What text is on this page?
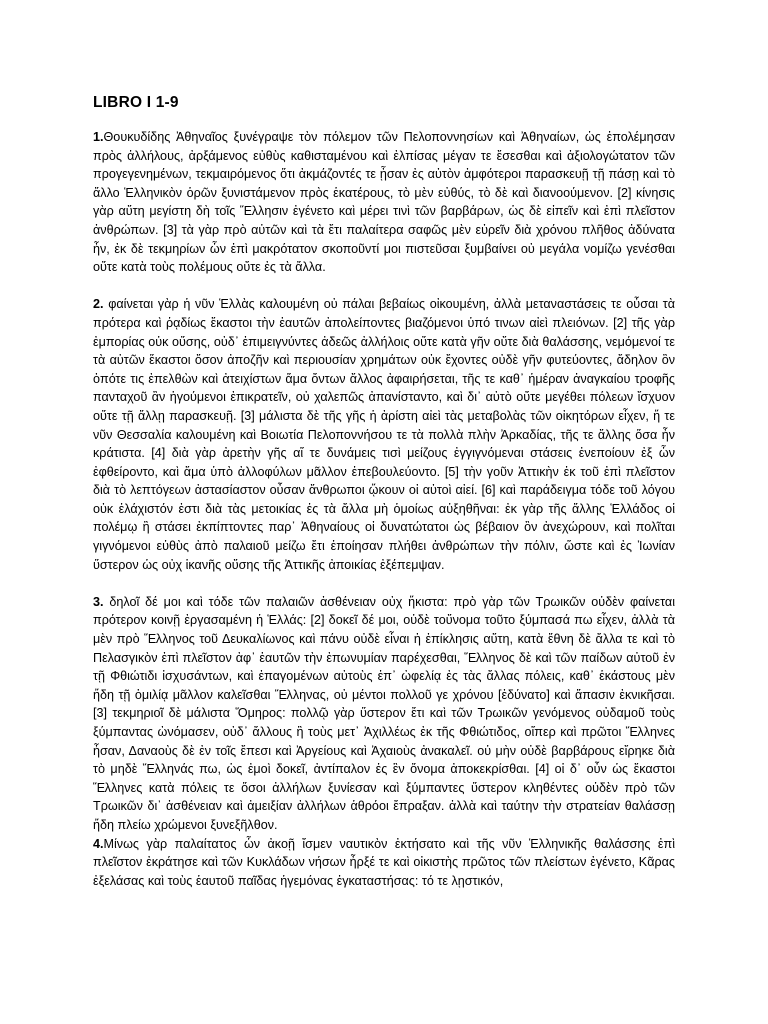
LIBRO I 1-9

1.Θουκυδίδης Ἀθηναῖος ξυνέγραψε τὸν πόλεμον τῶν Πελοποννησίων καὶ Ἀθηναίων, ὡς ἐπολέμησαν πρὸς ἀλλήλους, ἀρξάμενος εὐθὺς καθισταμένου καὶ ἐλπίσας μέγαν τε ἔσεσθαι καὶ ἀξιολογώτατον τῶν προγεγενημένων, τεκμαιρόμενος ὅτι ἀκμάζοντές τε ᾖσαν ἐς αὐτὸν ἀμφότεροι παρασκευῇ τῇ πάσῃ καὶ τὸ ἄλλο Ἑλληνικὸν ὁρῶν ξυνιστάμενον πρὸς ἑκατέρους, τὸ μὲν εὐθύς, τὸ δὲ καὶ διανοούμενον. [2] κίνησις γὰρ αὕτη μεγίστη δὴ τοῖς Ἕλλησιν ἐγένετο καὶ μέρει τινὶ τῶν βαρβάρων, ὡς δὲ εἰπεῖν καὶ ἐπὶ πλεῖστον ἀνθρώπων. [3] τὰ γὰρ πρὸ αὐτῶν καὶ τὰ ἔτι παλαίτερα σαφῶς μὲν εὑρεῖν διὰ χρόνου πλῆθος ἀδύνατα ἦν, ἐκ δὲ τεκμηρίων ὧν ἐπὶ μακρότατον σκοποῦντί μοι πιστεῦσαι ξυμβαίνει οὐ μεγάλα νομίζω γενέσθαι οὔτε κατὰ τοὺς πολέμους οὔτε ἐς τὰ ἄλλα.

2. φαίνεται γὰρ ἡ νῦν Ἑλλὰς καλουμένη οὐ πάλαι βεβαίως οἰκουμένη, ἀλλὰ μεταναστάσεις τε οὖσαι τὰ πρότερα καὶ ῥᾳδίως ἕκαστοι τὴν ἑαυτῶν ἀπολείποντες βιαζόμενοι ὑπό τινων αἰεὶ πλειόνων. [2] τῆς γὰρ ἐμπορίας οὐκ οὔσης, οὐδ᾽ ἐπιμειγνύντες ἀδεῶς ἀλλήλοις οὔτε κατὰ γῆν οὔτε διὰ θαλάσσης, νεμόμενοί τε τὰ αὑτῶν ἕκαστοι ὅσον ἀποζῆν καὶ περιουσίαν χρημάτων οὐκ ἔχοντες οὐδὲ γῆν φυτεύοντες, ἄδηλον ὂν ὁπότε τις ἐπελθὼν καὶ ἀτειχίστων ἅμα ὄντων ἄλλος ἀφαιρήσεται, τῆς τε καθ᾽ ἡμέραν ἀναγκαίου τροφῆς πανταχοῦ ἂν ἡγούμενοι ἐπικρατεῖν, οὐ χαλεπῶς ἀπανίσταντο, καὶ δι᾽ αὐτὸ οὔτε μεγέθει πόλεων ἴσχυον οὔτε τῇ ἄλλῃ παρασκευῇ. [3] μάλιστα δὲ τῆς γῆς ἡ ἀρίστη αἰεὶ τὰς μεταβολὰς τῶν οἰκητόρων εἶχεν, ἥ τε νῦν Θεσσαλία καλουμένη καὶ Βοιωτία Πελοποννήσου τε τὰ πολλὰ πλὴν Ἀρκαδίας, τῆς τε ἄλλης ὅσα ἦν κράτιστα. [4] διὰ γὰρ ἀρετὴν γῆς αἵ τε δυνάμεις τισὶ μείζους ἐγγιγνόμεναι στάσεις ἐνεποίουν ἐξ ὧν ἐφθείροντο, καὶ ἅμα ὑπὸ ἀλλοφύλων μᾶλλον ἐπεβουλεύοντο. [5] τὴν γοῦν Ἀττικὴν ἐκ τοῦ ἐπὶ πλεῖστον διὰ τὸ λεπτόγεων ἀστασίαστον οὖσαν ἄνθρωποι ᾤκουν οἱ αὐτοὶ αἰεί. [6] καὶ παράδειγμα τόδε τοῦ λόγου οὐκ ἐλάχιστόν ἐστι διὰ τὰς μετοικίας ἐς τὰ ἄλλα μὴ ὁμοίως αὐξηθῆναι: ἐκ γὰρ τῆς ἄλλης Ἑλλάδος οἱ πολέμῳ ἢ στάσει ἐκπίπτοντες παρ᾽ Ἀθηναίους οἱ δυνατώτατοι ὡς βέβαιον ὂν ἀνεχώρουν, καὶ πολῖται γιγνόμενοι εὐθὺς ἀπὸ παλαιοῦ μείζω ἔτι ἐποίησαν πλήθει ἀνθρώπων τὴν πόλιν, ὥστε καὶ ἐς Ἰωνίαν ὕστερον ὡς οὐχ ἱκανῆς οὔσης τῆς Ἀττικῆς ἀποικίας ἐξέπεμψαν.

3. δηλοῖ δέ μοι καὶ τόδε τῶν παλαιῶν ἀσθένειαν οὐχ ἥκιστα: πρὸ γὰρ τῶν Τρωικῶν οὐδὲν φαίνεται πρότερον κοινῇ ἐργασαμένη ἡ Ἑλλάς: [2] δοκεῖ δέ μοι, οὐδὲ τοὔνομα τοῦτο ξύμπασά πω εἶχεν, ἀλλὰ τὰ μὲν πρὸ Ἕλληνος τοῦ Δευκαλίωνος καὶ πάνυ οὐδὲ εἶναι ἡ ἐπίκλησις αὕτη, κατὰ ἔθνη δὲ ἄλλα τε καὶ τὸ Πελασγικὸν ἐπὶ πλεῖστον ἀφ᾽ ἑαυτῶν τὴν ἐπωνυμίαν παρέχεσθαι, Ἕλληνος δὲ καὶ τῶν παίδων αὐτοῦ ἐν τῇ Φθιώτιδι ἰσχυσάντων, καὶ ἐπαγομένων αὐτοὺς ἐπ᾽ ὠφελίᾳ ἐς τὰς ἄλλας πόλεις, καθ᾽ ἑκάστους μὲν ἤδη τῇ ὁμιλίᾳ μᾶλλον καλεῖσθαι Ἕλληνας, οὐ μέντοι πολλοῦ γε χρόνου [ἐδύνατο] καὶ ἅπασιν ἐκνικῆσαι. [3] τεκμηριοῖ δὲ μάλιστα Ὅμηρος: πολλῷ γὰρ ὕστερον ἔτι καὶ τῶν Τρωικῶν γενόμενος οὐδαμοῦ τοὺς ξύμπαντας ὠνόμασεν, οὐδ᾽ ἄλλους ἢ τοὺς μετ᾽ Ἀχιλλέως ἐκ τῆς Φθιώτιδος, οἵπερ καὶ πρῶτοι Ἕλληνες ἦσαν, Δαναοὺς δὲ ἐν τοῖς ἔπεσι καὶ Ἀργείους καὶ Ἀχαιοὺς ἀνακαλεῖ. οὐ μὴν οὐδὲ βαρβάρους εἴρηκε διὰ τὸ μηδὲ Ἕλληνάς πω, ὡς ἐμοὶ δοκεῖ, ἀντίπαλον ἐς ἓν ὄνομα ἀποκεκρίσθαι. [4] οἱ δ᾽ οὖν ὡς ἕκαστοι Ἕλληνες κατὰ πόλεις τε ὅσοι ἀλλήλων ξυνίεσαν καὶ ξύμπαντες ὕστερον κληθέντες οὐδὲν πρὸ τῶν Τρωικῶν δι᾽ ἀσθένειαν καὶ ἀμειξίαν ἀλλήλων ἁθρόοι ἔπραξαν. ἀλλὰ καὶ ταύτην τὴν στρατείαν θαλάσσῃ ἤδη πλείω χρώμενοι ξυνεξῆλθον.

4.Μίνως γὰρ παλαίτατος ὧν ἀκοῇ ἴσμεν ναυτικὸν ἐκτήσατο καὶ τῆς νῦν Ἑλληνικῆς θαλάσσης ἐπὶ πλεῖστον ἐκράτησε καὶ τῶν Κυκλάδων νήσων ἦρξέ τε καὶ οἰκιστὴς πρῶτος τῶν πλείστων ἐγένετο, Κᾶρας ἐξελάσας καὶ τοὺς ἑαυτοῦ παῖδας ἡγεμόνας ἐγκαταστήσας: τό τε λῃστικόν,
